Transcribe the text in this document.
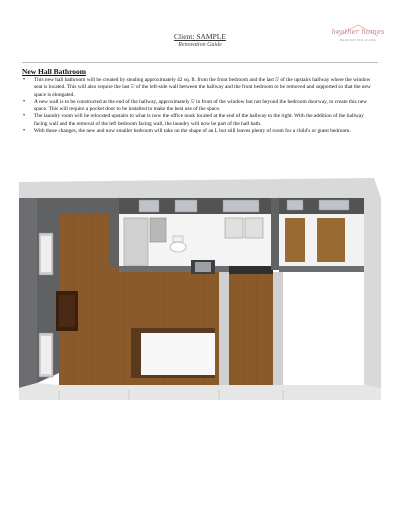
Client: SAMPLE
Renovation Guide
heather homes
RENOVATION GUIDE
New Hall Bathroom
• This new hall bathroom will be created by stealing approximately 42 sq. ft. from the front bedroom and the last 5' of the upstairs hallway where the window seat is located. This will also require the last 5' of the left-side wall between the hallway and the front bedroom to be removed and supported so that the new space is elongated.
• A new wall is to be constructed at the end of the hallway, approximately 5' in front of the window but not beyond the bedroom doorway, to create this new space. This will require a pocket door to be installed to make the best use of the space.
• The laundry room will be relocated upstairs to what is now the office nook located at the end of the hallway to the right. With the addition of the hallway facing wall and the removal of the left bedroom facing wall, the laundry will now be part of the hall bath.
• With these changes, the new and now smaller bedroom will take on the shape of an L but still leaves plenty of room for a child's or guest bedroom.
